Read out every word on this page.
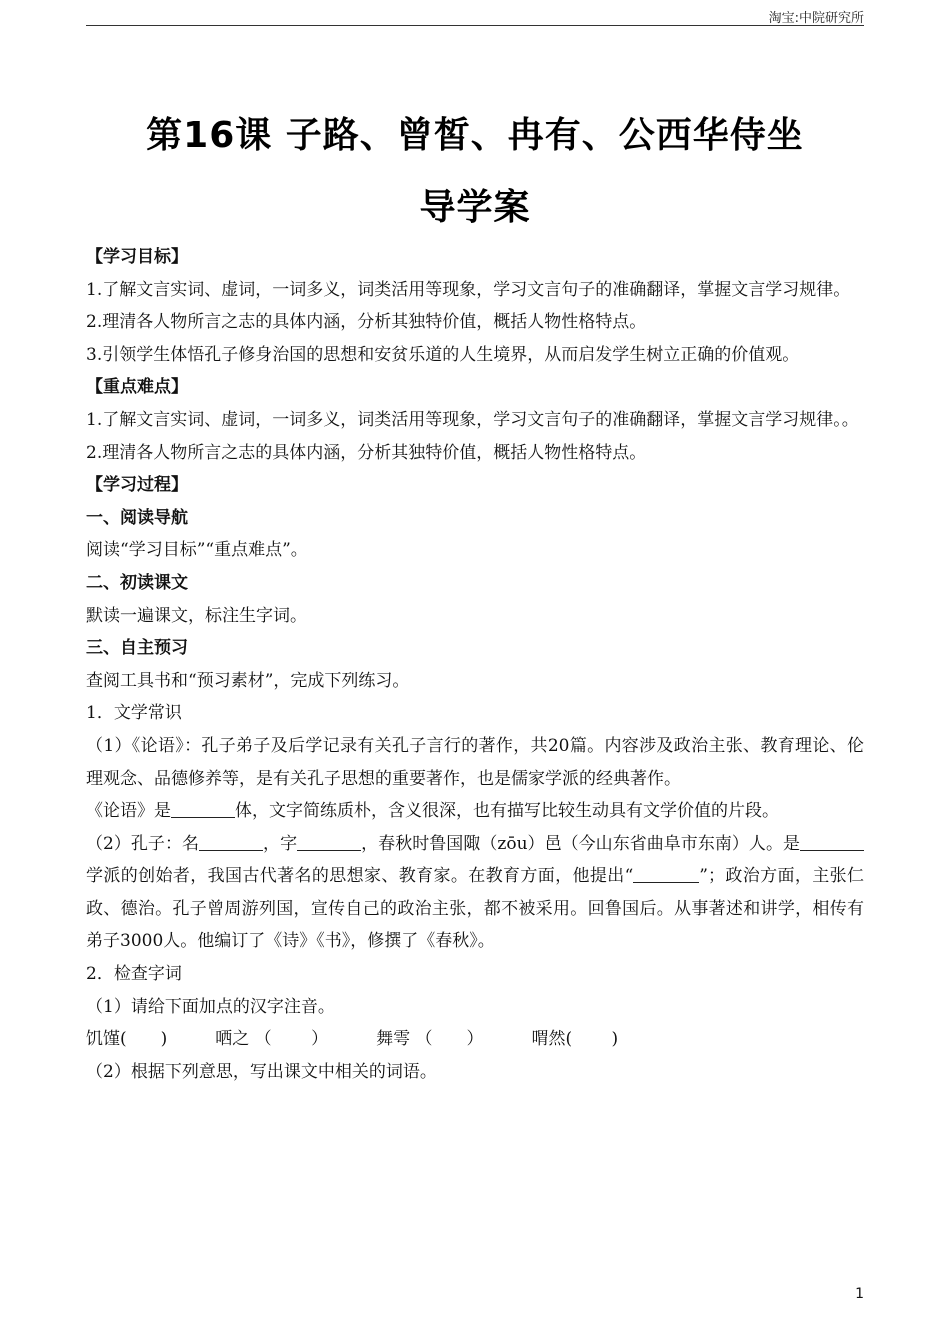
淘宝:中院研究所
第16课 子路、曾皙、冉有、公西华侍坐
导学案

【学习目标】

1.了解文言实词、虚词，一词多义，词类活用等现象，学习文言句子的准确翻译，掌握文言学习规律。

2.理清各人物所言之志的具体内涵，分析其独特价值，概括人物性格特点。

3.引领学生体悟孔子修身治国的思想和安贫乐道的人生境界，从而启发学生树立正确的价值观。

【重点难点】

1.了解文言实词、虚词，一词多义，词类活用等现象，学习文言句子的准确翻译，掌握文言学习规律。。

2.理清各人物所言之志的具体内涵，分析其独特价值，概括人物性格特点。

【学习过程】

一、阅读导航

阅读“学习目标”“重点难点”。

二、初读课文

默读一遍课文，标注生字词。

三、自主预习

查阅工具书和“预习素材”，完成下列练习。

1．文学常识

（1）《论语》：孔子弟子及后学记录有关孔子言行的著作，共20篇。内容涉及政治主张、教育理论、伦理观念、品德修养等，是有关孔子思想的重要著作，也是儒家学派的经典著作。

《论语》是	体，文字简练质朴，含义很深，也有描写比较生动具有文学价值的片段。

（2）孔子：名	，字	，春秋时鲁国陬（zōu）邑（今山东省曲阜市东南）人。是学派的创始者，我国古代著名的思想家、教育家。在教育方面，他提出“	”；政治方面，主张仁政、德治。孔子曾周游列国，宣传自己的政治主张，都不被采用。回鲁国后。从事著述和讲学，相传有弟子3000人。他编订了《诗》《书》，修撰了《春秋》。

2．检查字词

（1）请给下面加点的汉字注音。

饥馑(　　)	哂之 （　　 ）	舞雩 （　　）	喟然(　　 )

（2）根据下列意思，写出课文中相关的词语。

1
